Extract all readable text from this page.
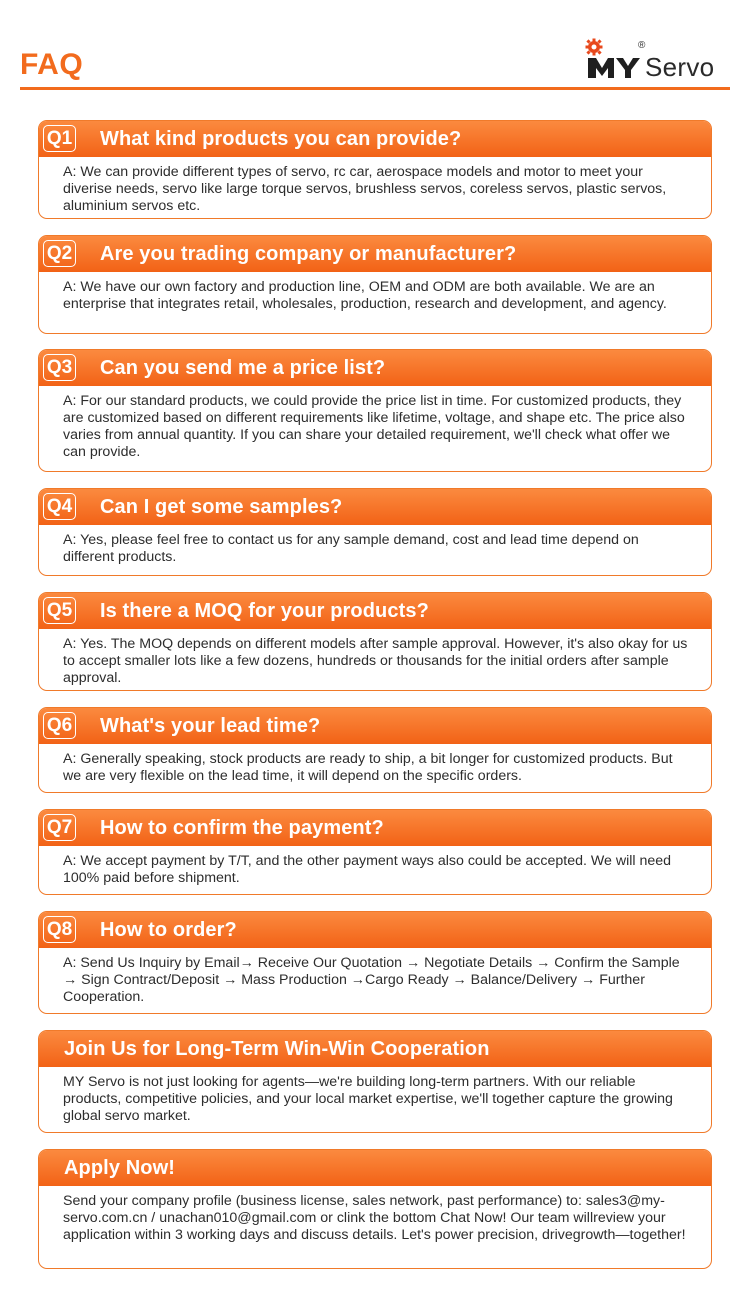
FAQ
®
Servo
Q1 What kind products you can provide?
A: We can provide different types of servo, rc car, aerospace models and motor to meet your diverise needs, servo like large torque servos, brushless servos, coreless servos, plastic servos, aluminium servos etc.
Q2 Are you trading company or manufacturer?
A: We have our own factory and production line, OEM and ODM are both available. We are an enterprise that integrates retail, wholesales, production, research and development, and agency.
Q3 Can you send me a price list?
A: For our standard products, we could provide the price list in time. For customized products, they are customized based on different requirements like lifetime, voltage, and shape etc. The price also varies from annual quantity. If you can share your detailed requirement, we'll check what offer we can provide.
Q4 Can I get some samples?
A: Yes, please feel free to contact us for any sample demand, cost and lead time depend on different products.
Q5 Is there a MOQ for your products?
A: Yes. The MOQ depends on different models after sample approval. However, it's also okay for us to accept smaller lots like a few dozens, hundreds or thousands for the initial orders after sample approval.
Q6 What's your lead time?
A: Generally speaking, stock products are ready to ship, a bit longer for customized products. But we are very flexible on the lead time, it will depend on the specific orders.
Q7 How to confirm the payment?
A: We accept payment by T/T, and the other payment ways also could be accepted. We will need 100% paid before shipment.
Q8 How to order?
A: Send Us Inquiry by Email→ Receive Our Quotation → Negotiate Details → Confirm the Sample → Sign Contract/Deposit → Mass Production →Cargo Ready → Balance/Delivery → Further Cooperation.
Join Us for Long-Term Win-Win Cooperation
MY Servo is not just looking for agents—we're building long-term partners. With our reliable products, competitive policies, and your local market expertise, we'll together capture the growing global servo market.
Apply Now!
Send your company profile (business license, sales network, past performance) to: sales3@my-servo.com.cn / unachan010@gmail.com or clink the bottom Chat Now! Our team willreview your application within 3 working days and discuss details. Let's power precision, drivegrowth—together!
